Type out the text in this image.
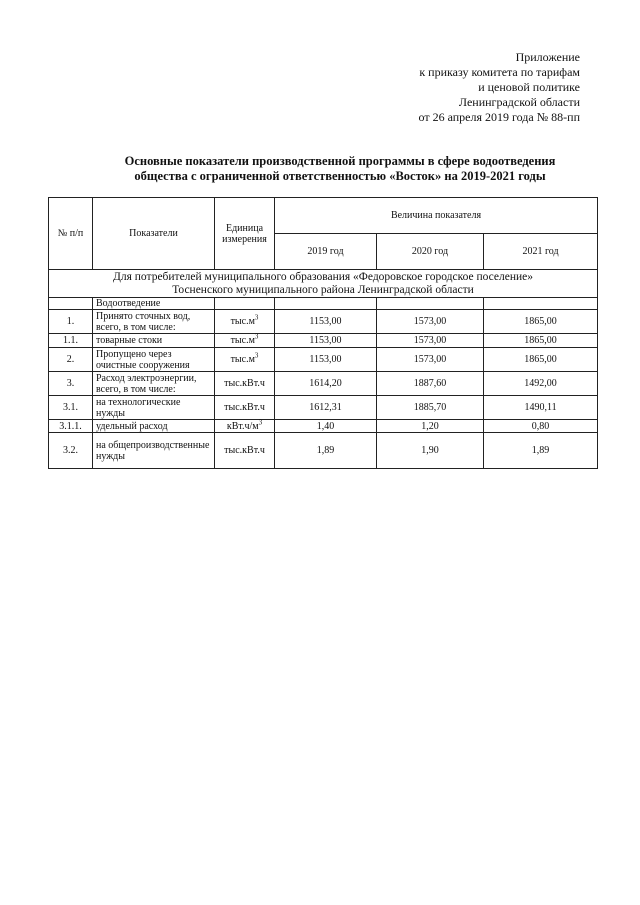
Приложение
к приказу комитета по тарифам
и ценовой политике
Ленинградской области
от 26 апреля 2019 года № 88-пп
Основные показатели производственной программы в сфере водоотведения
общества с ограниченной ответственностью «Восток» на 2019-2021 годы
№ п/п	Показатели	Единица измерения	Величина показателя		
			2019 год	2020 год	2021 год

Для потребителей муниципального образования «Федоровское городское поселение»
Тосненского муниципального района Ленинградской области					

	Водоотведение				
1.	Принято сточных вод, всего, в том числе:	$тыс.м^3$	1153,00	1573,00	1865,00
1.1.	товарные стоки	$тыс.м^3$	1153,00	1573,00	1865,00
2.	Пропущено через очистные сооружения	$тыс.м^3$	1153,00	1573,00	1865,00
3.	Расход электроэнергии, всего, в том числе:	тыс.кВт.ч	1614,20	1887,60	1492,00
3.1.	на технологические нужды	тыс.кВт.ч	1612,31	1885,70	1490,11
3.1.1.	удельный расход	$кВт.ч/м^3$	1,40	1,20	0,80
3.2.	на общепроизводственные нужды	тыс.кВт.ч	1,89	1,90	1,89
